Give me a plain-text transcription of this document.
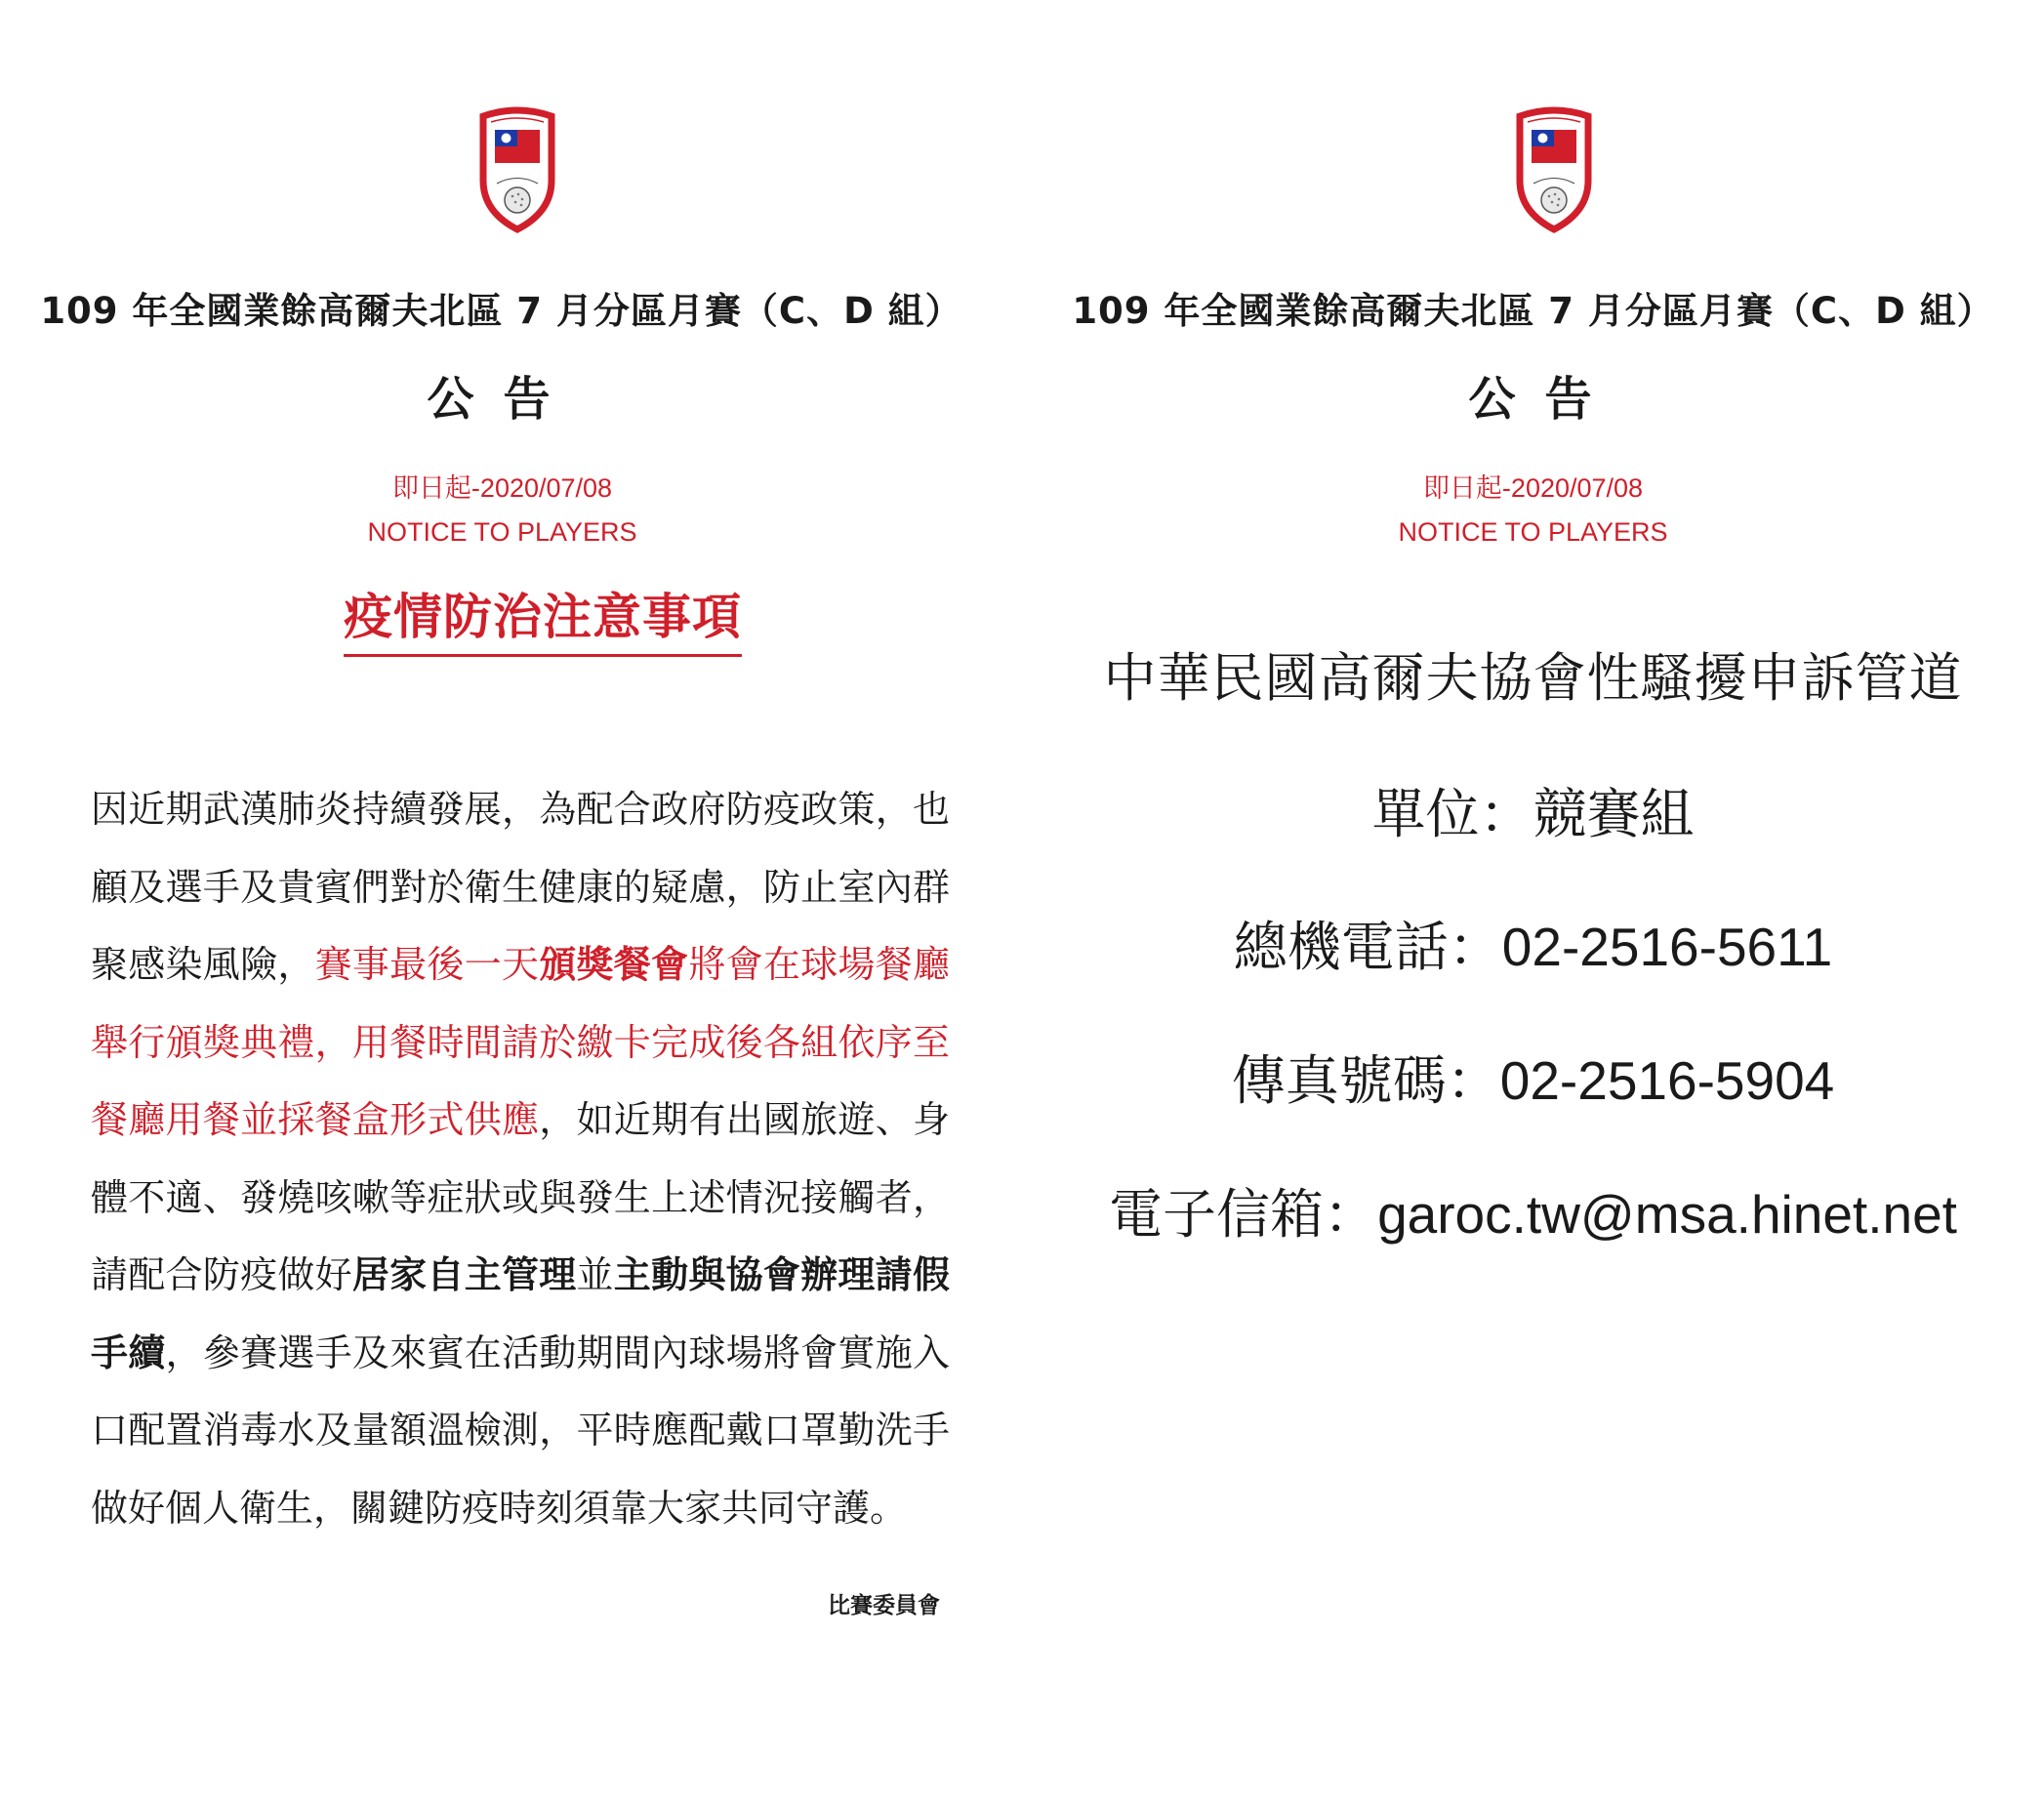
109 年全國業餘高爾夫北區 7 月分區月賽（C、D 組）
公告
即日起-2020/07/08
NOTICE TO PLAYERS
疫情防治注意事項
因近期武漢肺炎持續發展，為配合政府防疫政策，也顧及選手及貴賓們對於衛生健康的疑慮，防止室內群聚感染風險，賽事最後一天頒獎餐會將會在球場餐廳舉行頒獎典禮，用餐時間請於繳卡完成後各組依序至餐廳用餐並採餐盒形式供應，如近期有出國旅遊、身體不適、發燒咳嗽等症狀或與發生上述情況接觸者，請配合防疫做好居家自主管理並主動與協會辦理請假手續，參賽選手及來賓在活動期間內球場將會實施入口配置消毒水及量額溫檢測，平時應配戴口罩勤洗手做好個人衛生，關鍵防疫時刻須靠大家共同守護。
比賽委員會
109 年全國業餘高爾夫北區 7 月分區月賽（C、D 組）
公告
即日起-2020/07/08
NOTICE TO PLAYERS
中華民國高爾夫協會性騷擾申訴管道
單位：競賽組
總機電話：02-2516-5611
傳真號碼：02-2516-5904
電子信箱：garoc.tw@msa.hinet.net
